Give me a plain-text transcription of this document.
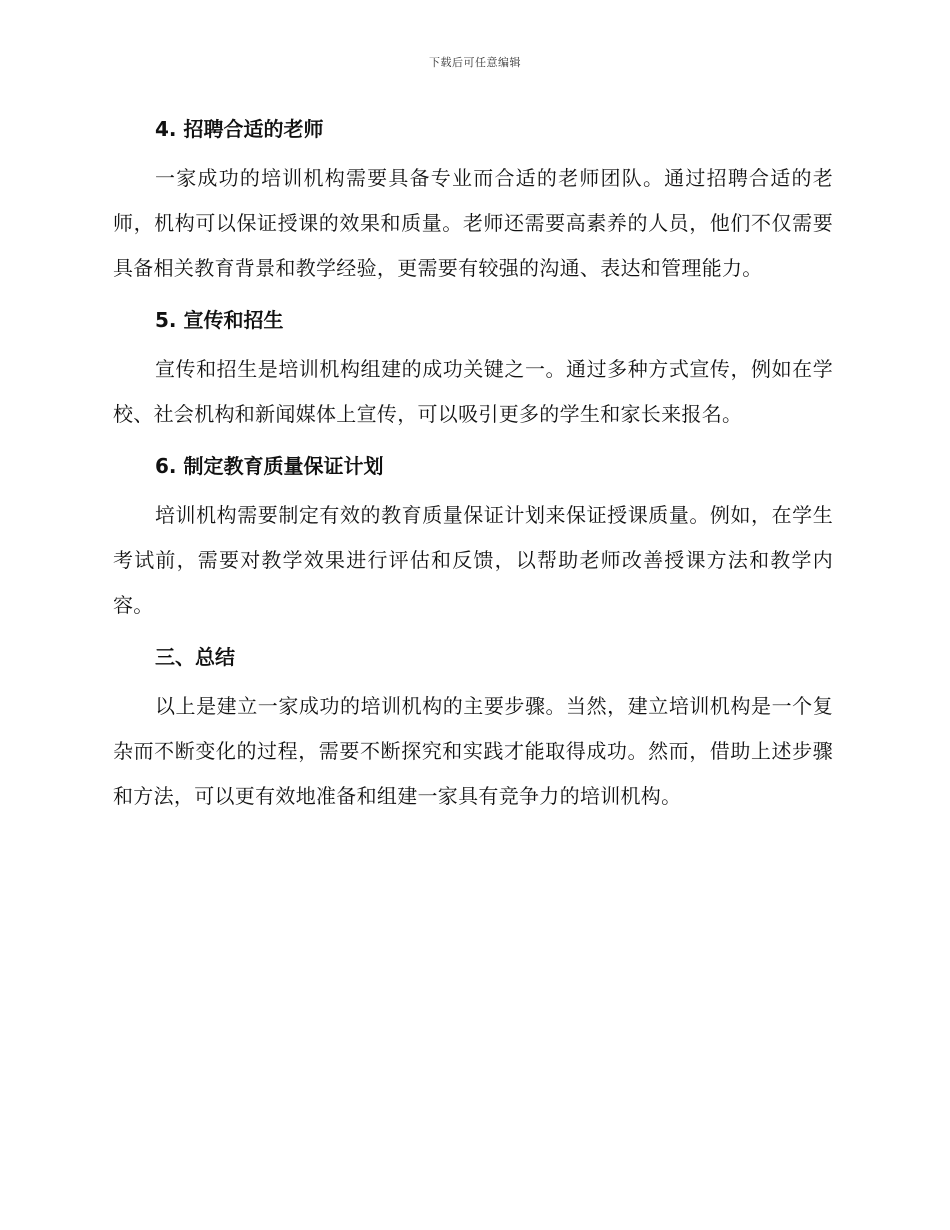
下载后可任意编辑
4. 招聘合适的老师

一家成功的培训机构需要具备专业而合适的老师团队。通过招聘合适的老师，机构可以保证授课的效果和质量。老师还需要高素养的人员，他们不仅需要具备相关教育背景和教学经验，更需要有较强的沟通、表达和管理能力。

5. 宣传和招生

宣传和招生是培训机构组建的成功关键之一。通过多种方式宣传，例如在学校、社会机构和新闻媒体上宣传，可以吸引更多的学生和家长来报名。

6. 制定教育质量保证计划

培训机构需要制定有效的教育质量保证计划来保证授课质量。例如，在学生考试前，需要对教学效果进行评估和反馈，以帮助老师改善授课方法和教学内容。

三、总结

以上是建立一家成功的培训机构的主要步骤。当然，建立培训机构是一个复杂而不断变化的过程，需要不断探究和实践才能取得成功。然而，借助上述步骤和方法，可以更有效地准备和组建一家具有竞争力的培训机构。
